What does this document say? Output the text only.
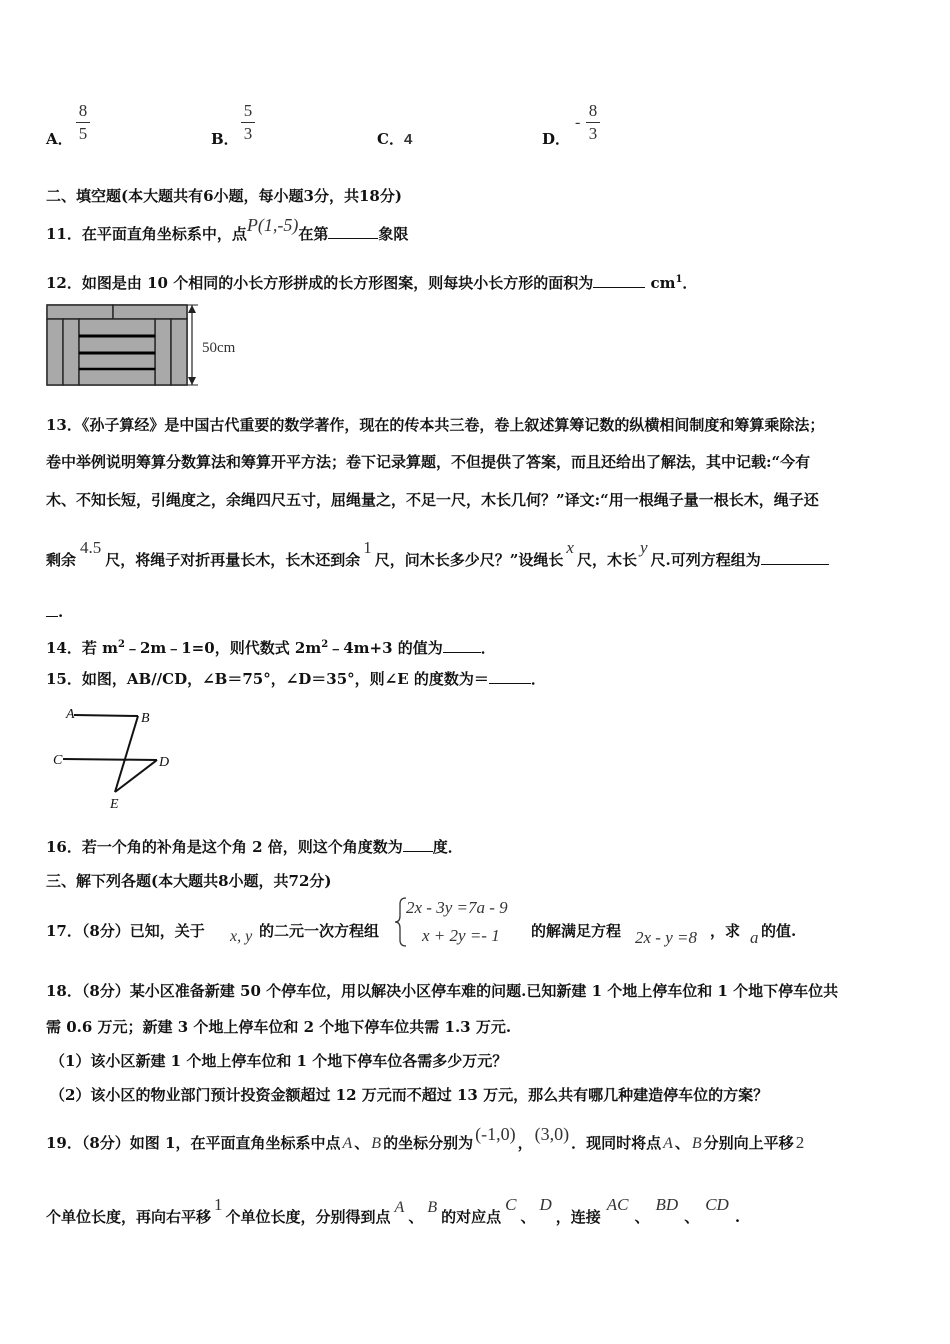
A．
8
5	B．
5
3	C．4	D．
-
8
3
二、填空题(本大题共有6小题，每小题3分，共18分)
11．在平面直角坐标系中，点P(1,-5)在第	象限
12．如图是由 10 个相同的小长方形拼成的长方形图案，则每块小长方形的面积为	$cm^1$．
50cm
13．《孙子算经》是中国古代重要的数学著作，现在的传本共三卷，卷上叙述算筹记数的纵横相间制度和筹算乘除法；
卷中举例说明筹算分数算法和筹算开平方法；卷下记录算题，不但提供了答案，而且还给出了解法，其中记载:“今有
木、不知长短，引绳度之，余绳四尺五寸，屈绳量之，不足一尺，木长几何？”译文:“用一根绳子量一根长木，绳子还
剩余4.5尺，将绳子对折再量长木，长木还到余1尺，问木长多少尺？”设绳长x尺，木长y尺.可列方程组为
.
14．若 $m^2﹣2m﹣1=0$，则代数式 $2m^2﹣4m+3$ 的值为	．
15．如图，AB//CD，∠B＝75°，∠D＝35°，则∠E 的度数为＝	．
A	B
C	D
E
16．若一个角的补角是这个角 2 倍，则这个角度数为 度．
三、解下列各题(本大题共8小题，共72分)
17．（8分）已知，关于 x, y 的二元一次方程组
2x - 3y =7a - 9
x + 2y =- 1 的解满足方程 2x - y =8 ，求 a 的值.
18．（8分）某小区准备新建 50 个停车位，用以解决小区停车难的问题.已知新建 1 个地上停车位和 1 个地下停车位共
需 0.6 万元；新建 3 个地上停车位和 2 个地下停车位共需 1.3 万元.
（1）该小区新建 1 个地上停车位和 1 个地下停车位各需多少万元？
（2）该小区的物业部门预计投资金额超过 12 万元而不超过 13 万元，那么共有哪几种建造停车位的方案？
19．（8分）如图 1，在平面直角坐标系中点 A 、 B 的坐标分别为 (-1,0) ， (3,0) ．现同时将点 A 、 B 分别向上平移 2
个单位长度，再向右平移1个单位长度，分别得到点A、B的对应点C、D，连接AC、BD、CD.
